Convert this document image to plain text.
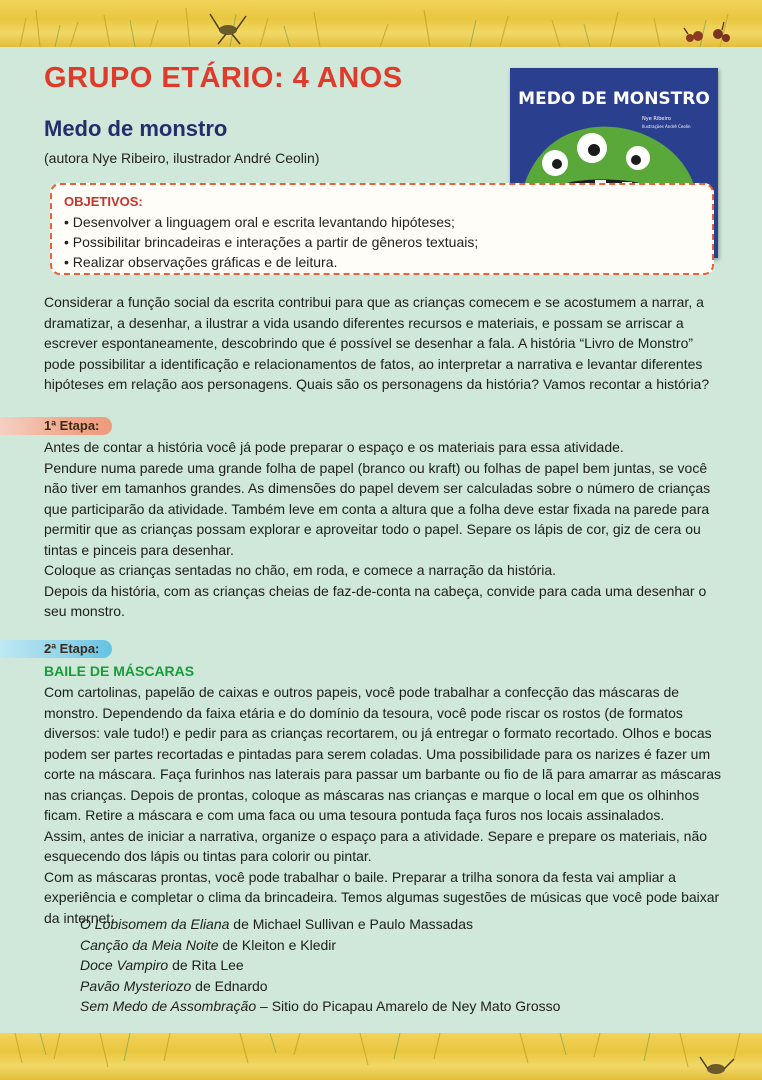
GRUPO ETÁRIO: 4 ANOS
Medo de monstro
(autora Nye Ribeiro, ilustrador André Ceolin)
MEDO DE MONSTRO
Nye Ribeiro
Ilustrações André Ceolin
OBJETIVOS:
• Desenvolver a linguagem oral e escrita levantando hipóteses;
• Possibilitar brincadeiras e interações a partir de gêneros textuais;
• Realizar observações gráficas e de leitura.

Considerar a função social da escrita contribui para que as crianças comecem e se acostumem a narrar, a dramatizar, a desenhar, a ilustrar a vida usando diferentes recursos e materiais, e possam se arriscar a escrever espontaneamente, descobrindo que é possível se desenhar a fala. A história “Livro de Monstro” pode possibilitar a identificação e relacionamentos de fatos, ao interpretar a narrativa e levantar diferentes hipóteses em relação aos personagens. Quais são os personagens da história? Vamos recontar a história?

1ª Etapa:

Antes de contar a história você já pode preparar o espaço e os materiais para essa atividade.

Pendure numa parede uma grande folha de papel (branco ou kraft) ou folhas de papel bem juntas, se você não tiver em tamanhos grandes. As dimensões do papel devem ser calculadas sobre o número de crianças que participarão da atividade. Também leve em conta a altura que a folha deve estar fixada na parede para permitir que as crianças possam explorar e aproveitar todo o papel. Separe os lápis de cor, giz de cera ou tintas e pinceis para desenhar.

Coloque as crianças sentadas no chão, em roda, e comece a narração da história.

Depois da história, com as crianças cheias de faz-de-conta na cabeça, convide para cada uma desenhar o seu monstro.

2ª Etapa:
BAILE DE MÁSCARAS

Com cartolinas, papelão de caixas e outros papeis, você pode trabalhar a confecção das máscaras de monstro. Dependendo da faixa etária e do domínio da tesoura, você pode riscar os rostos (de formatos diversos: vale tudo!) e pedir para as crianças recortarem, ou já entregar o formato recortado. Olhos e bocas podem ser partes recortadas e pintadas para serem coladas. Uma possibilidade para os narizes é fazer um corte na máscara. Faça furinhos nas laterais para passar um barbante ou fio de lã para amarrar as máscaras nas crianças. Depois de prontas, coloque as máscaras nas crianças e marque o local em que os olhinhos ficam. Retire a máscara e com uma faca ou uma tesoura pontuda faça furos nos locais assinalados.

Assim, antes de iniciar a narrativa, organize o espaço para a atividade. Separe e prepare os materiais, não esquecendo dos lápis ou tintas para colorir ou pintar.

Com as máscaras prontas, você pode trabalhar o baile. Preparar a trilha sonora da festa vai ampliar a experiência e completar o clima da brincadeira. Temos algumas sugestões de músicas que você pode baixar da internet:

O Lobisomem da Eliana de Michael Sullivan e Paulo Massadas
Canção da Meia Noite de Kleiton e Kledir
Doce Vampiro de Rita Lee
Pavão Mysteriozo de Ednardo
Sem Medo de Assombração – Sitio do Picapau Amarelo de Ney Mato Grosso
